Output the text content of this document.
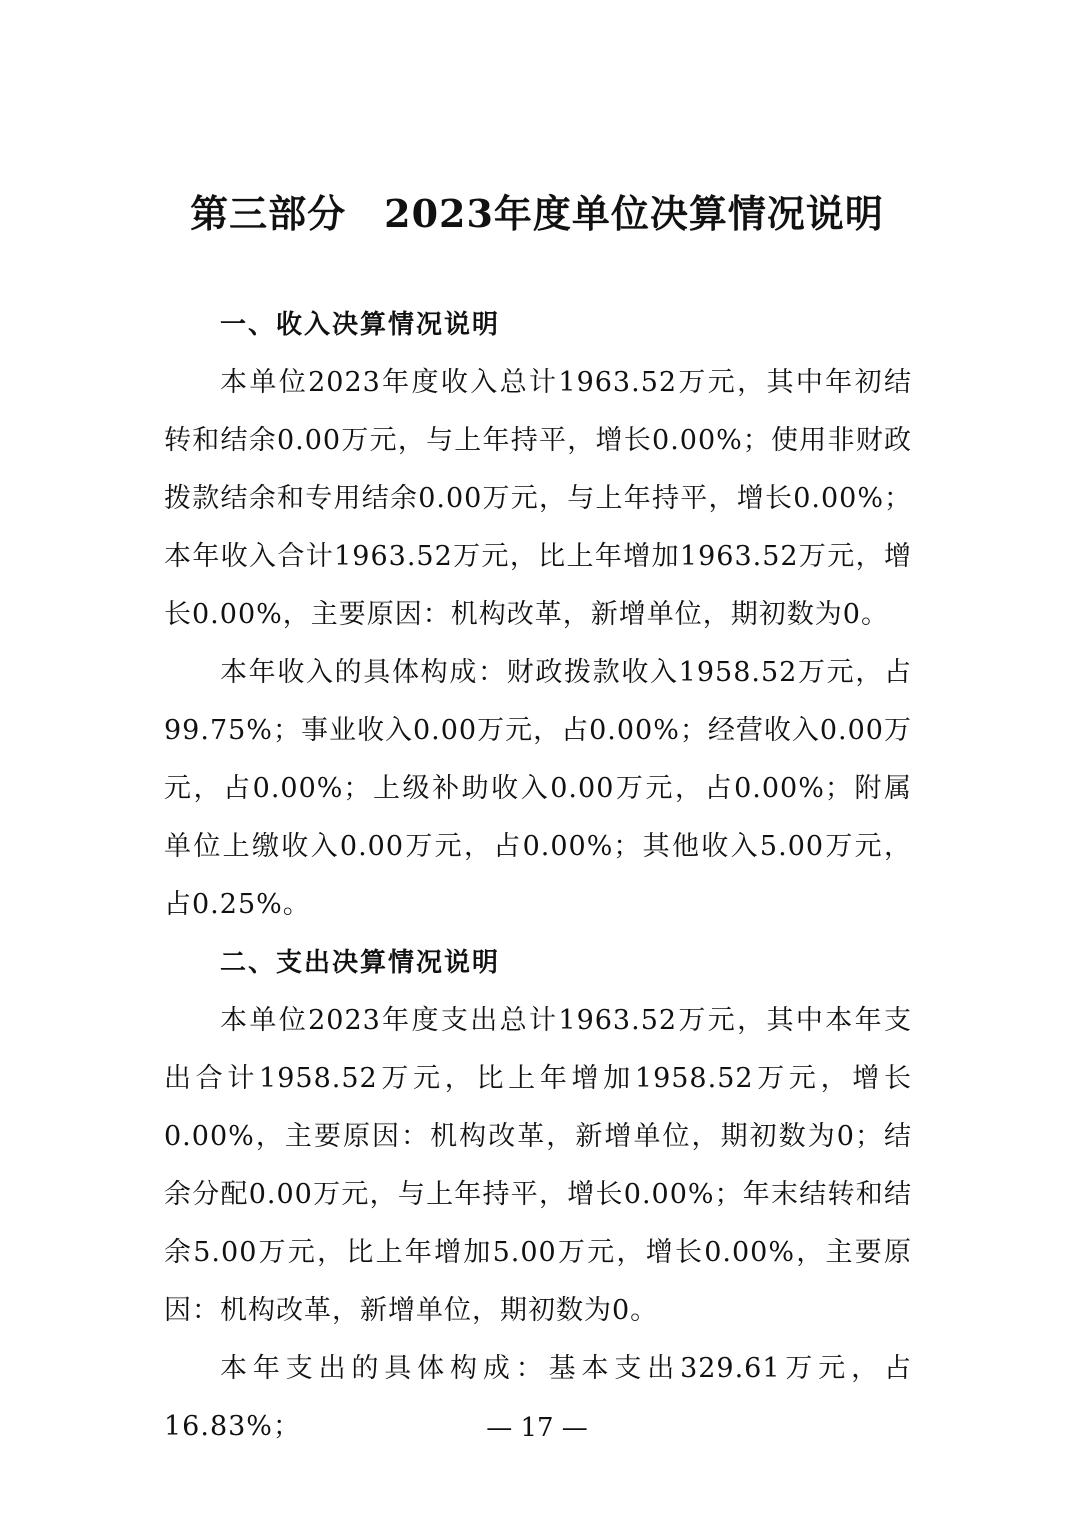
第三部分 2023年度单位决算情况说明

一、收入决算情况说明

本单位2023年度收入总计1963.52万元，其中年初结转和结余0.00万元，与上年持平，增长0.00%；使用非财政拨款结余和专用结余0.00万元，与上年持平，增长0.00%；本年收入合计1963.52万元，比上年增加1963.52万元，增长0.00%，主要原因：机构改革，新增单位，期初数为0。

本年收入的具体构成：财政拨款收入1958.52万元，占99.75%；事业收入0.00万元，占0.00%；经营收入0.00万元，占0.00%；上级补助收入0.00万元，占0.00%；附属单位上缴收入0.00万元，占0.00%；其他收入5.00万元，占0.25%。

二、支出决算情况说明

本单位2023年度支出总计1963.52万元，其中本年支出合计1958.52万元，比上年增加1958.52万元，增长0.00%，主要原因：机构改革，新增单位，期初数为0；结余分配0.00万元，与上年持平，增长0.00%；年末结转和结余5.00万元，比上年增加5.00万元，增长0.00%，主要原因：机构改革，新增单位，期初数为0。

本年支出的具体构成：基本支出329.61万元，占16.83%；	— 17 —
